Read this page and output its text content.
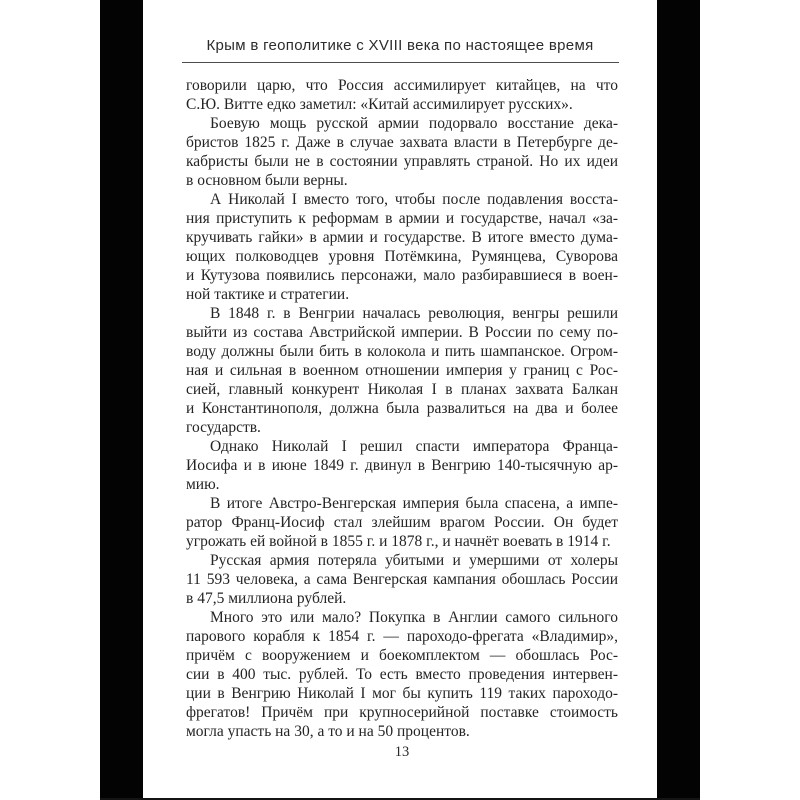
Крым в геополитике с XVIII века по настоящее время
говорили царю, что Россия ассимилирует китайцев, на что
С.Ю. Витте едко заметил: «Китай ассимилирует русских».
Боевую мощь русской армии подорвало восстание дека-
бристов 1825 г. Даже в случае захвата власти в Петербурге де-
кабристы были не в состоянии управлять страной. Но их идеи
в основном были верны.
А Николай I вместо того, чтобы после подавления восста-
ния приступить к реформам в армии и государстве, начал «за-
кручивать гайки» в армии и государстве. В итоге вместо дума-
ющих полководцев уровня Потёмкина, Румянцева, Суворова
и Кутузова появились персонажи, мало разбиравшиеся в воен-
ной тактике и стратегии.
В 1848 г. в Венгрии началась революция, венгры решили
выйти из состава Австрийской империи. В России по сему по-
воду должны были бить в колокола и пить шампанское. Огром-
ная и сильная в военном отношении империя у границ с Рос-
сией, главный конкурент Николая I в планах захвата Балкан
и Константинополя, должна была развалиться на два и более
государств.
Однако Николай I решил спасти императора Франца-
Иосифа и в июне 1849 г. двинул в Венгрию 140-тысячную ар-
мию.
В итоге Австро-Венгерская империя была спасена, а импе-
ратор Франц-Иосиф стал злейшим врагом России. Он будет
угрожать ей войной в 1855 г. и 1878 г., и начнёт воевать в 1914 г.
Русская армия потеряла убитыми и умершими от холеры
11 593 человека, а сама Венгерская кампания обошлась России
в 47,5 миллиона рублей.
Много это или мало? Покупка в Англии самого сильного
парового корабля к 1854 г. — пароходо-фрегата «Владимир»,
причём с вооружением и боекомплектом — обошлась Рос-
сии в 400 тыс. рублей. То есть вместо проведения интервен-
ции в Венгрию Николай I мог бы купить 119 таких пароходо-
фрегатов! Причём при крупносерийной поставке стоимость
могла упасть на 30, а то и на 50 процентов.
13
